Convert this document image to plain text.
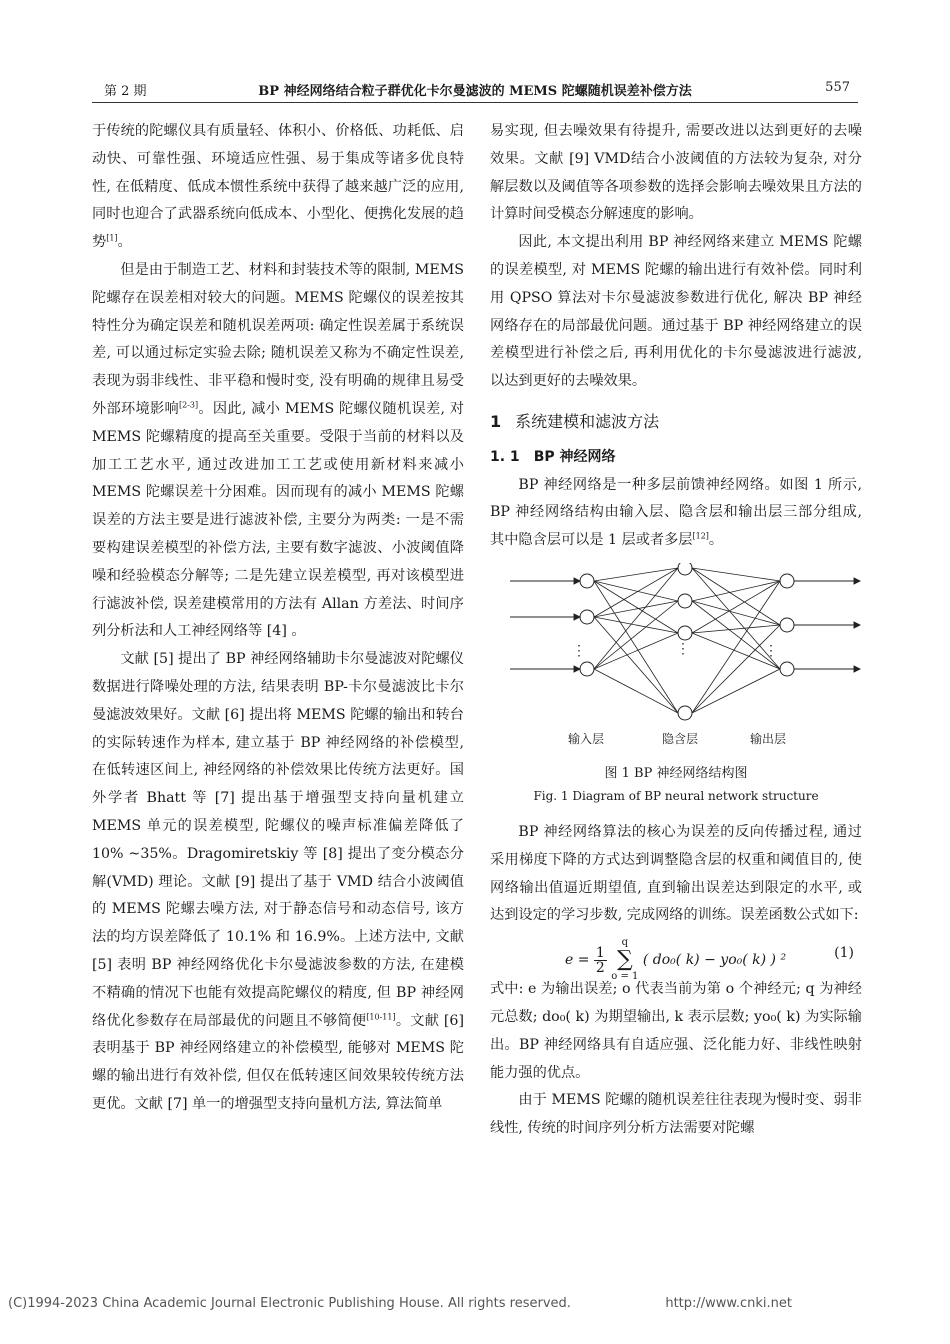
第 2 期	BP 神经网络结合粒子群优化卡尔曼滤波的 MEMS 陀螺随机误差补偿方法	557

于传统的陀螺仪具有质量轻、体积小、价格低、功耗低、启动快、可靠性强、环境适应性强、易于集成等诸多优良特性, 在低精度、低成本惯性系统中获得了越来越广泛的应用, 同时也迎合了武器系统向低成本、小型化、便携化发展的趋势[1]。

但是由于制造工艺、材料和封装技术等的限制, MEMS 陀螺存在误差相对较大的问题。MEMS 陀螺仪的误差按其特性分为确定误差和随机误差两项: 确定性误差属于系统误差, 可以通过标定实验去除; 随机误差又称为不确定性误差, 表现为弱非线性、非平稳和慢时变, 没有明确的规律且易受外部环境影响[2-3]。因此, 减小 MEMS 陀螺仪随机误差, 对 MEMS 陀螺精度的提高至关重要。受限于当前的材料以及加工工艺水平, 通过改进加工工艺或使用新材料来减小 MEMS 陀螺误差十分困难。因而现有的减小 MEMS 陀螺误差的方法主要是进行滤波补偿, 主要分为两类: 一是不需要构建误差模型的补偿方法, 主要有数字滤波、小波阈值降噪和经验模态分解等; 二是先建立误差模型, 再对该模型进行滤波补偿, 误差建模常用的方法有 Allan 方差法、时间序列分析法和人工神经网络等 [4] 。

文献 [5] 提出了 BP 神经网络辅助卡尔曼滤波对陀螺仪数据进行降噪处理的方法, 结果表明 BP-卡尔曼滤波比卡尔曼滤波效果好。文献 [6] 提出将 MEMS 陀螺的输出和转台的实际转速作为样本, 建立基于 BP 神经网络的补偿模型, 在低转速区间上, 神经网络的补偿效果比传统方法更好。国外学者 Bhatt 等 [7] 提出基于增强型支持向量机建立 MEMS 单元的误差模型, 陀螺仪的噪声标准偏差降低了 10% ~35%。Dragomiretskiy 等 [8] 提出了变分模态分解(VMD) 理论。文献 [9] 提出了基于 VMD 结合小波阈值的 MEMS 陀螺去噪方法, 对于静态信号和动态信号, 该方法的均方误差降低了 10.1% 和 16.9%。上述方法中, 文献 [5] 表明 BP 神经网络优化卡尔曼滤波参数的方法, 在建模不精确的情况下也能有效提高陀螺仪的精度, 但 BP 神经网络优化参数存在局部最优的问题且不够简便[10-11]。文献 [6] 表明基于 BP 神经网络建立的补偿模型, 能够对 MEMS 陀螺的输出进行有效补偿, 但仅在低转速区间效果较传统方法更优。文献 [7] 单一的增强型支持向量机方法, 算法简单

易实现, 但去噪效果有待提升, 需要改进以达到更好的去噪效果。文献 [9] VMD结合小波阈值的方法较为复杂, 对分解层数以及阈值等各项参数的选择会影响去噪效果且方法的计算时间受模态分解速度的影响。

因此, 本文提出利用 BP 神经网络来建立 MEMS 陀螺的误差模型, 对 MEMS 陀螺的输出进行有效补偿。同时利用 QPSO 算法对卡尔曼滤波参数进行优化, 解决 BP 神经网络存在的局部最优问题。通过基于 BP 神经网络建立的误差模型进行补偿之后, 再利用优化的卡尔曼滤波进行滤波, 以达到更好的去噪效果。

1 系统建模和滤波方法
1. 1 BP 神经网络

BP 神经网络是一种多层前馈神经网络。如图 1 所示, BP 神经网络结构由输入层、隐含层和输出层三部分组成, 其中隐含层可以是 1 层或者多层[12]。

⋮	⋮	⋮
输入层	隐含层	输出层
图 1 BP 神经网络结构图
Fig. 1 Diagram of BP neural network structure

BP 神经网络算法的核心为误差的反向传播过程, 通过采用梯度下降的方式达到调整隐含层的权重和阈值目的, 使网络输出值逼近期望值, 直到输出误差达到限定的水平, 或达到设定的学习步数, 完成网络的训练。误差函数公式如下:

$e = \frac{1}{2}$

q
∑
o = 1
( do₀( k) − yo₀( k) ) ²	(1)

式中: e 为输出误差; o 代表当前为第 o 个神经元; q 为神经元总数; do₀( k) 为期望输出, k 表示层数; yo₀( k) 为实际输出。BP 神经网络具有自适应强、泛化能力好、非线性映射能力强的优点。

由于 MEMS 陀螺的随机误差往往表现为慢时变、弱非线性, 传统的时间序列分析方法需要对陀螺

(C)1994-2023 China Academic Journal Electronic Publishing House. All rights reserved.	http://www.cnki.net
